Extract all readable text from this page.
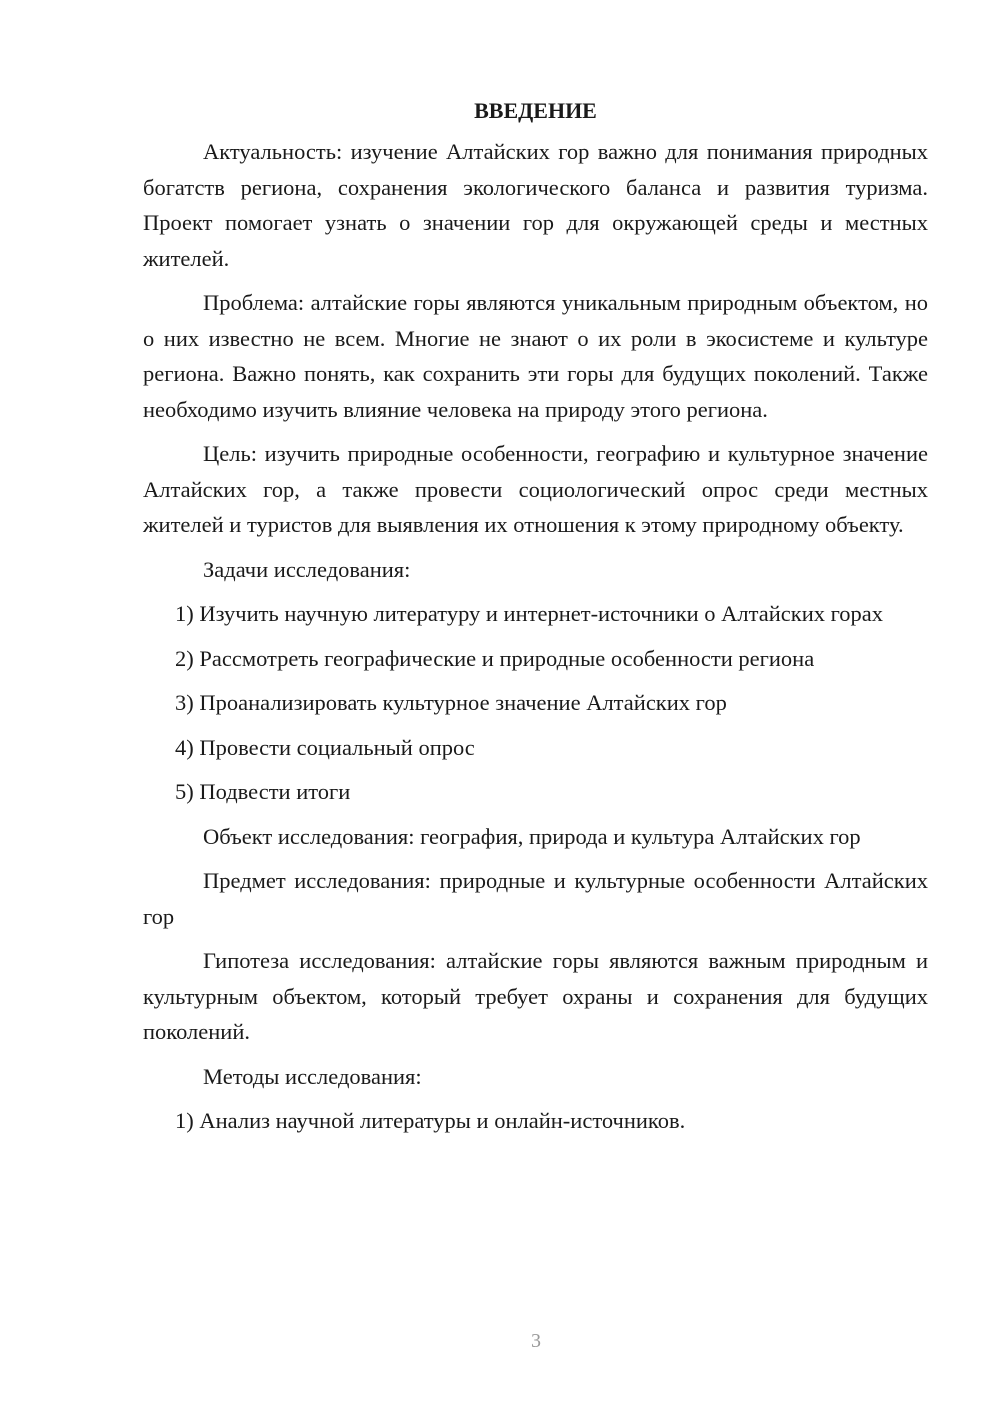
ВВЕДЕНИЕ

Актуальность: изучение Алтайских гор важно для понимания природных богатств региона, сохранения экологического баланса и развития туризма. Проект помогает узнать о значении гор для окружающей среды и местных жителей.

Проблема: алтайские горы являются уникальным природным объектом, но о них известно не всем. Многие не знают о их роли в экосистеме и культуре региона. Важно понять, как сохранить эти горы для будущих поколений. Также необходимо изучить влияние человека на природу этого региона.

Цель: изучить природные особенности, географию и культурное значение Алтайских гор, а также провести социологический опрос среди местных жителей и туристов для выявления их отношения к этому природному объекту.

Задачи исследования:

1) Изучить научную литературу и интернет-источники о Алтайских горах

2) Рассмотреть географические и природные особенности региона

3) Проанализировать культурное значение Алтайских гор

4) Провести социальный опрос

5) Подвести итоги

Объект исследования: география, природа и культура Алтайских гор

Предмет исследования: природные и культурные особенности Алтайских гор

Гипотеза исследования: алтайские горы являются важным природным и культурным объектом, который требует охраны и сохранения для будущих поколений.

Методы исследования:

1) Анализ научной литературы и онлайн-источников.

3
